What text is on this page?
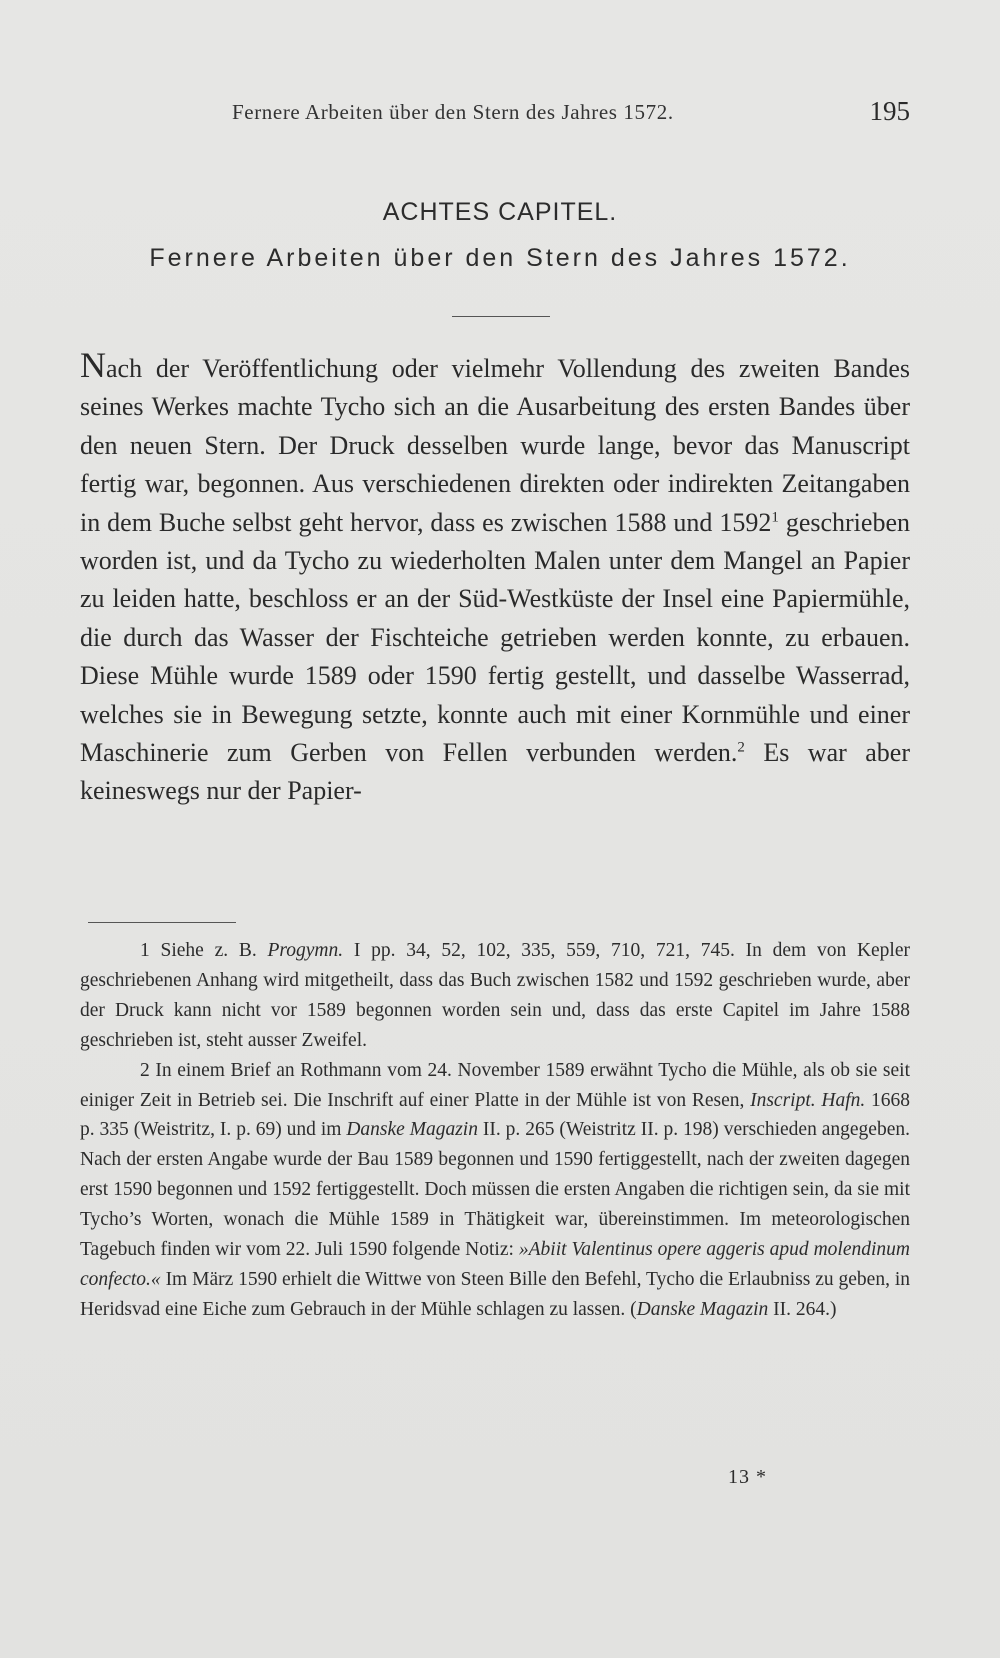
Fernere Arbeiten über den Stern des Jahres 1572.	195
ACHTES CAPITEL.
Fernere Arbeiten über den Stern des Jahres 1572.

Nach der Veröffentlichung oder vielmehr Vollendung des zweiten Bandes seines Werkes machte Tycho sich an die Ausarbeitung des ersten Bandes über den neuen Stern. Der Druck desselben wurde lange, bevor das Manuscript fertig war, begonnen. Aus verschiedenen direkten oder indirekten Zeitangaben in dem Buche selbst geht hervor, dass es zwischen 1588 und 1592$^1$ geschrieben worden ist, und da Tycho zu wiederholten Malen unter dem Mangel an Papier zu leiden hatte, beschloss er an der Süd-Westküste der Insel eine Papiermühle, die durch das Wasser der Fischteiche getrieben werden konnte, zu erbauen. Diese Mühle wurde 1589 oder 1590 fertig gestellt, und dasselbe Wasserrad, welches sie in Bewegung setzte, konnte auch mit einer Kornmühle und einer Maschinerie zum Gerben von Fellen verbunden werden.$^2$ Es war aber keineswegs nur der Papier-

1 Siehe z. B. Progymn. I pp. 34, 52, 102, 335, 559, 710, 721, 745. In dem von Kepler geschriebenen Anhang wird mitgetheilt, dass das Buch zwischen 1582 und 1592 geschrieben wurde, aber der Druck kann nicht vor 1589 begonnen worden sein und, dass das erste Capitel im Jahre 1588 geschrieben ist, steht ausser Zweifel.

2 In einem Brief an Rothmann vom 24. November 1589 erwähnt Tycho die Mühle, als ob sie seit einiger Zeit in Betrieb sei. Die Inschrift auf einer Platte in der Mühle ist von Resen, Inscript. Hafn. 1668 p. 335 (Weistritz, I. p. 69) und im Danske Magazin II. p. 265 (Weistritz II. p. 198) verschieden angegeben. Nach der ersten Angabe wurde der Bau 1589 begonnen und 1590 fertiggestellt, nach der zweiten dagegen erst 1590 begonnen und 1592 fertiggestellt. Doch müssen die ersten Angaben die richtigen sein, da sie mit Tycho’s Worten, wonach die Mühle 1589 in Thätigkeit war, übereinstimmen. Im meteorologischen Tagebuch finden wir vom 22. Juli 1590 folgende Notiz: »Abiit Valentinus opere aggeris apud molendinum confecto.« Im März 1590 erhielt die Wittwe von Steen Bille den Befehl, Tycho die Erlaubniss zu geben, in Heridsvad eine Eiche zum Gebrauch in der Mühle schlagen zu lassen. (Danske Magazin II. 264.)

13 *
